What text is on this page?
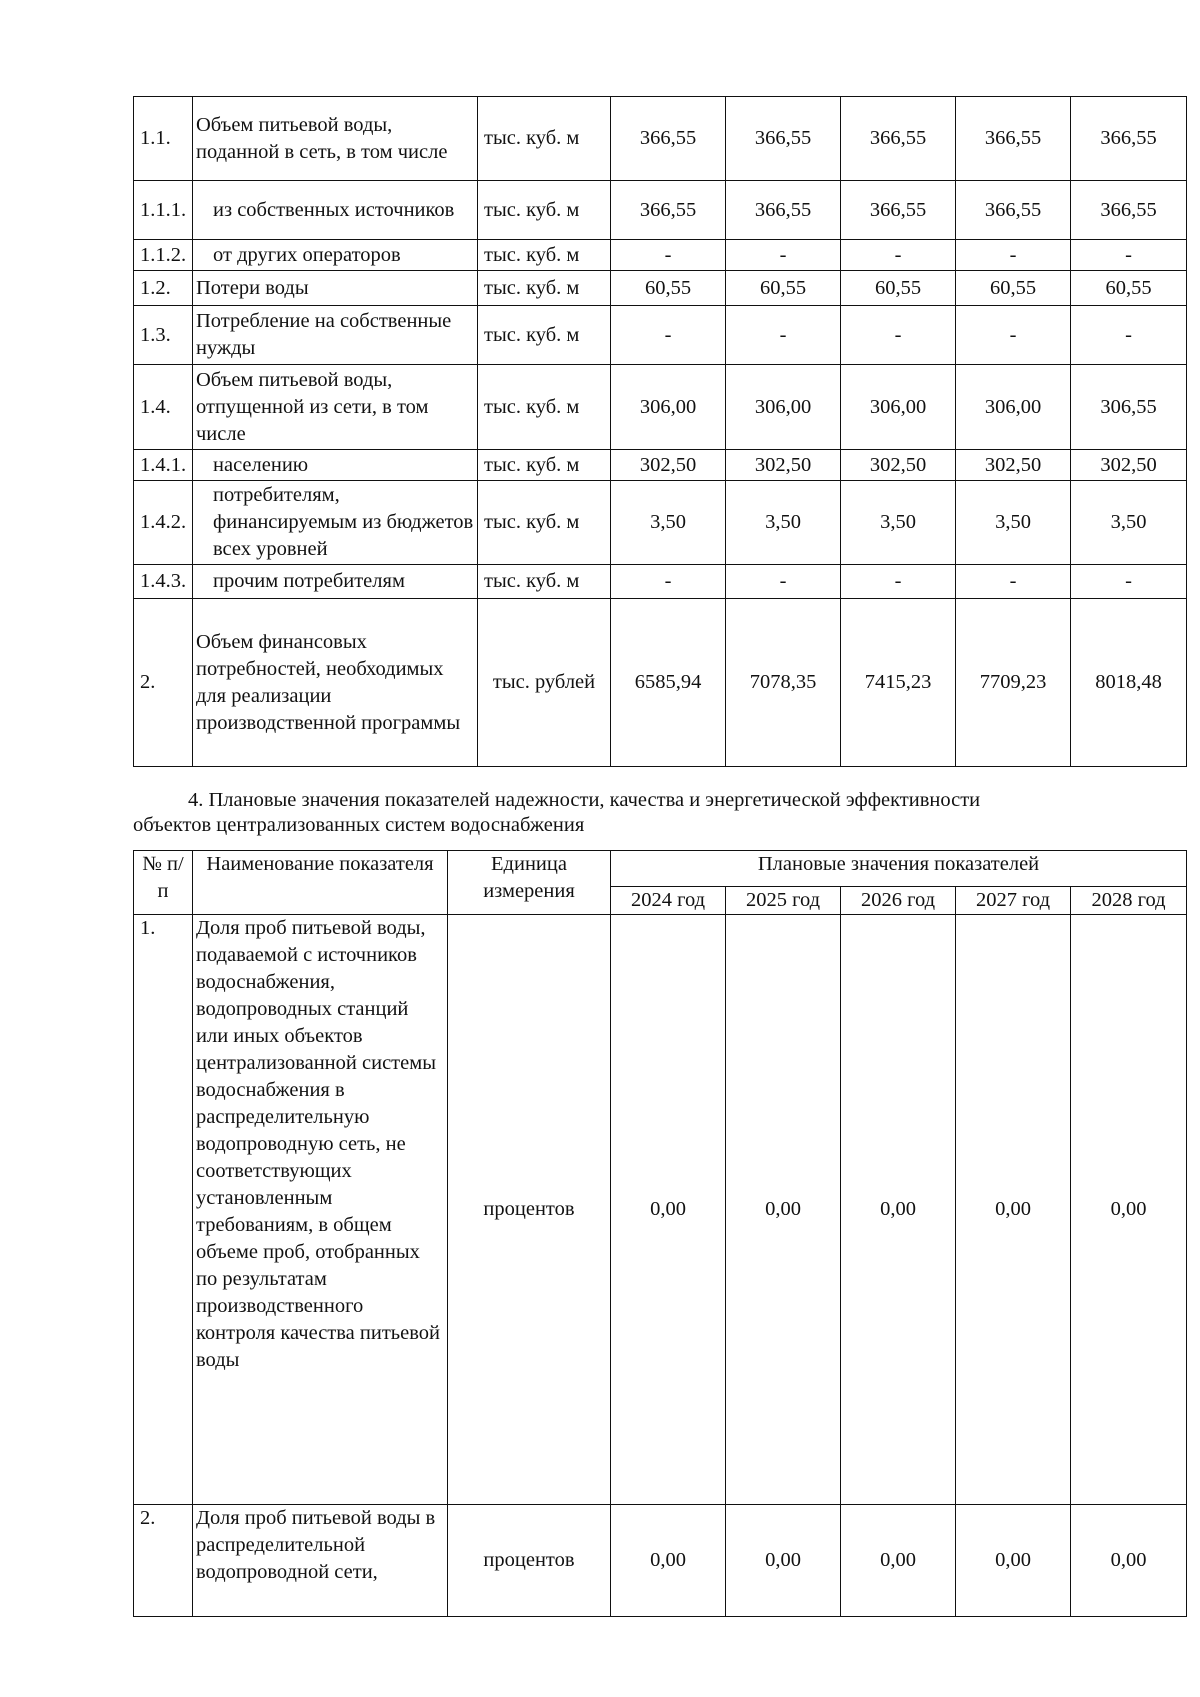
1.1.	Объем питьевой воды, поданной в сеть, в том числе	тыс. куб. м	366,55	366,55	366,55	366,55	366,55
1.1.1.	из собственных источников	тыс. куб. м	366,55	366,55	366,55	366,55	366,55
1.1.2.	от других операторов	тыс. куб. м	-	-	-	-	-
1.2.	Потери воды	тыс. куб. м	60,55	60,55	60,55	60,55	60,55
1.3.	Потребление на собственные нужды	тыс. куб. м	-	-	-	-	-
1.4.	Объем питьевой воды, отпущенной из сети, в том числе	тыс. куб. м	306,00	306,00	306,00	306,00	306,55
1.4.1.	населению	тыс. куб. м	302,50	302,50	302,50	302,50	302,50
1.4.2.	потребителям, финансируемым из бюджетов всех уровней	тыс. куб. м	3,50	3,50	3,50	3,50	3,50
1.4.3.	прочим потребителям	тыс. куб. м	-	-	-	-	-
2.	Объем финансовых потребностей, необходимых для реализации производственной программы	тыс. рублей	6585,94	7078,35	7415,23	7709,23	8018,48
4. Плановые значения показателей надежности, качества и энергетической эффективности
объектов централизованных систем водоснабжения
№ п/п	Наименование показателя	Единица измерения	Плановые значения показателей				
			2024 год	2025 год	2026 год	2027 год	2028 год
1.	Доля проб питьевой воды, подаваемой с источников водоснабжения, водопроводных станций или иных объектов централизованной системы водоснабжения в распределительную водопроводную сеть, не соответствующих установленным требованиям, в общем объеме проб, отобранных по результатам производственного контроля качества питьевой воды	процентов	0,00	0,00	0,00	0,00	0,00
2.	Доля проб питьевой воды в распределительной водопроводной сети,	процентов	0,00	0,00	0,00	0,00	0,00
